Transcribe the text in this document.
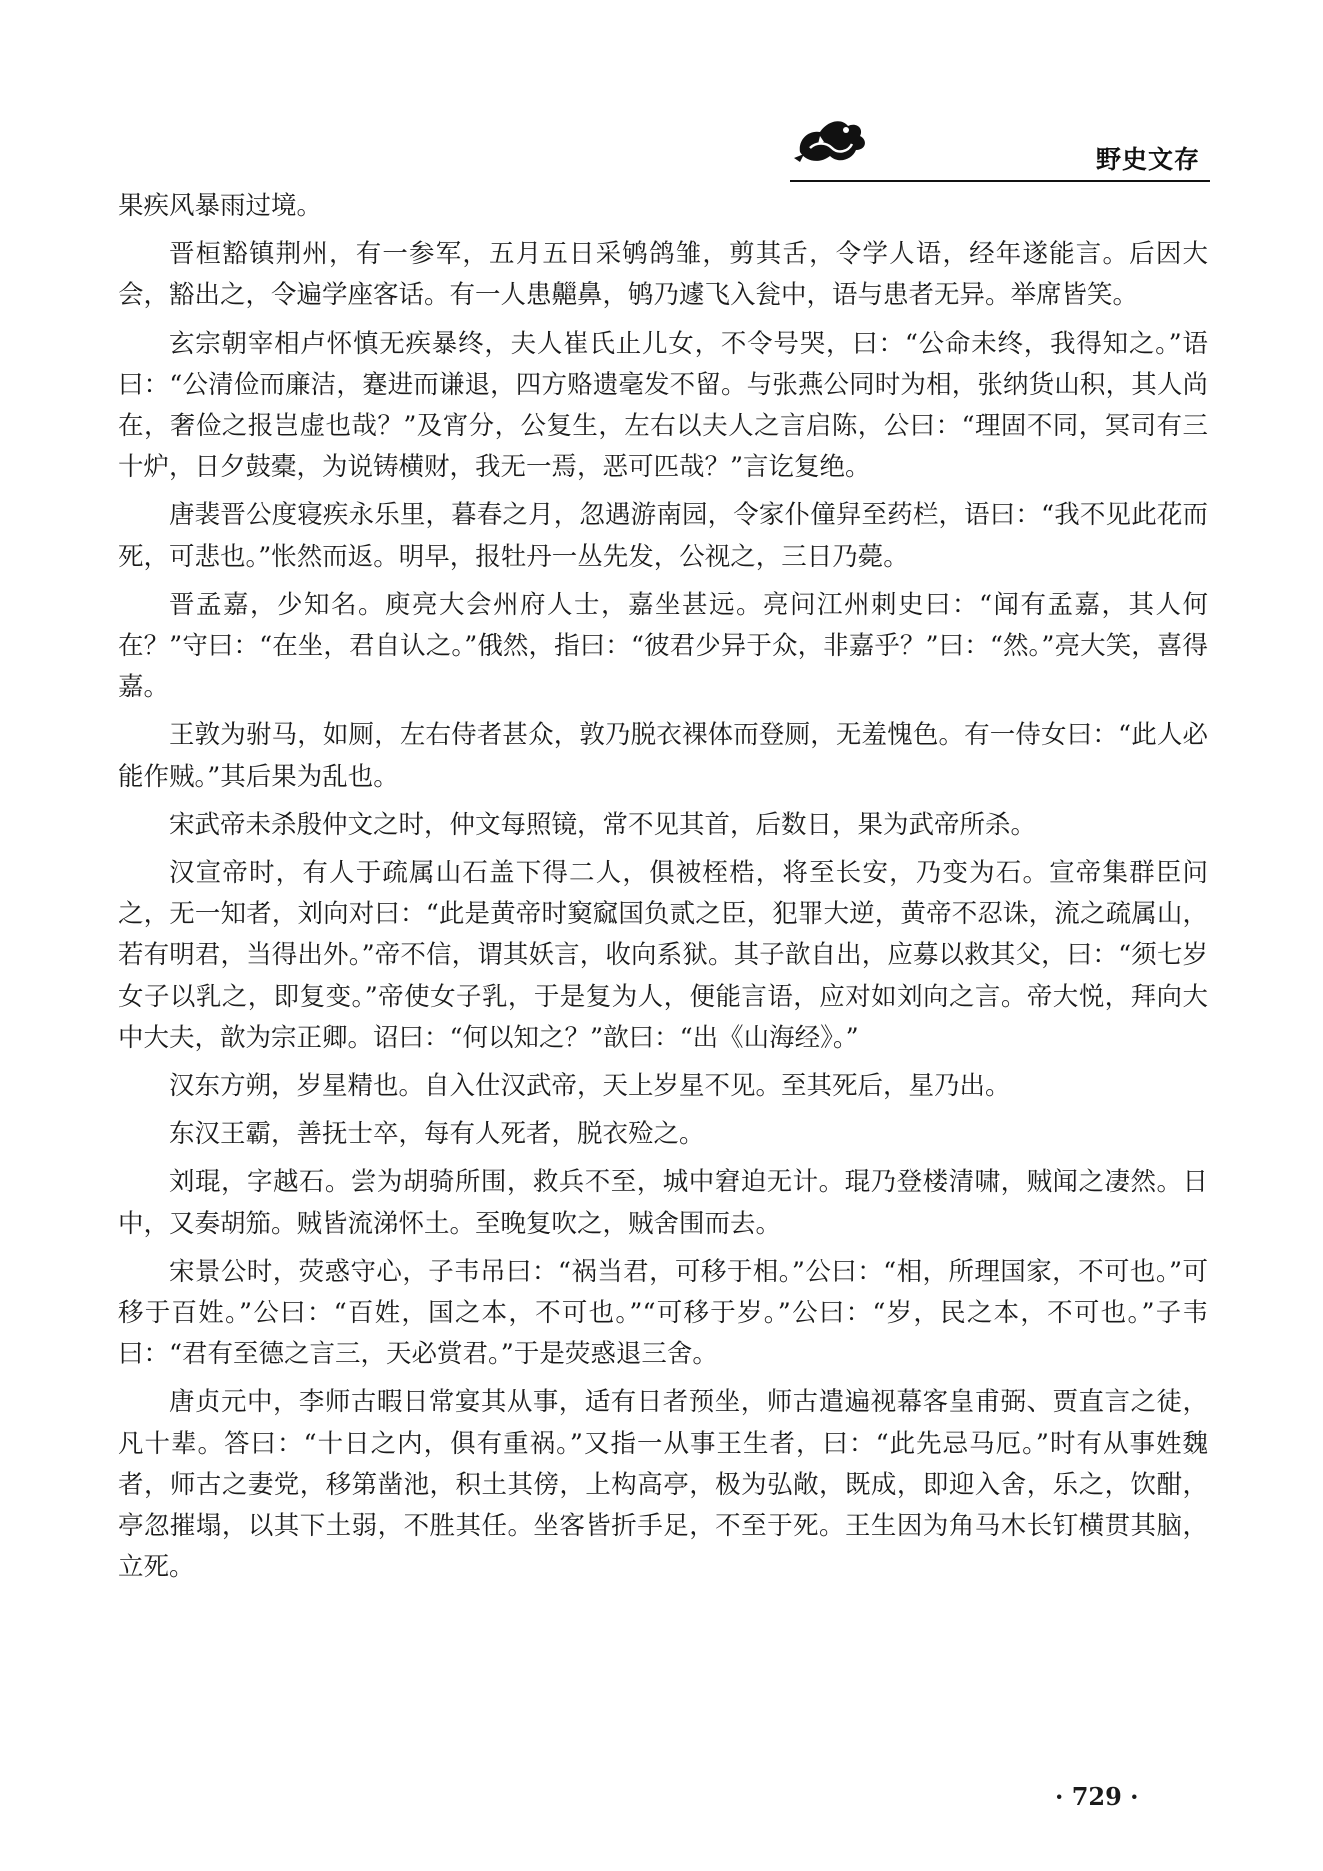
野史文存

果疾风暴雨过境。

晋桓豁镇荆州，有一参军，五月五日采鸲鸽雏，剪其舌，令学人语，经年遂能言。后因大会，豁出之，令遍学座客话。有一人患齆鼻，鸲乃遽飞入瓮中，语与患者无异。举席皆笑。

玄宗朝宰相卢怀慎无疾暴终，夫人崔氏止儿女，不令号哭，曰：“公命未终，我得知之。”语曰：“公清俭而廉洁，蹇进而谦退，四方赂遗毫发不留。与张燕公同时为相，张纳货山积，其人尚在，奢俭之报岂虚也哉？”及宵分，公复生，左右以夫人之言启陈，公曰：“理固不同，冥司有三十炉，日夕鼓橐，为说铸横财，我无一焉，恶可匹哉？”言讫复绝。

唐裴晋公度寝疾永乐里，暮春之月，忽遇游南园，令家仆僮舁至药栏，语曰：“我不见此花而死，可悲也。”怅然而返。明早，报牡丹一丛先发，公视之，三日乃薨。

晋孟嘉，少知名。庾亮大会州府人士，嘉坐甚远。亮问江州刺史曰：“闻有孟嘉，其人何在？”守曰：“在坐，君自认之。”俄然，指曰：“彼君少异于众，非嘉乎？”曰：“然。”亮大笑，喜得嘉。

王敦为驸马，如厕，左右侍者甚众，敦乃脱衣裸体而登厕，无羞愧色。有一侍女曰：“此人必能作贼。”其后果为乱也。

宋武帝未杀殷仲文之时，仲文每照镜，常不见其首，后数日，果为武帝所杀。

汉宣帝时，有人于疏属山石盖下得二人，俱被桎梏，将至长安，乃变为石。宣帝集群臣问之，无一知者，刘向对曰：“此是黄帝时窫窳国负贰之臣，犯罪大逆，黄帝不忍诛，流之疏属山，若有明君，当得出外。”帝不信，谓其妖言，收向系狱。其子歆自出，应募以救其父，曰：“须七岁女子以乳之，即复变。”帝使女子乳，于是复为人，便能言语，应对如刘向之言。帝大悦，拜向大中大夫，歆为宗正卿。诏曰：“何以知之？”歆曰：“出《山海经》。”

汉东方朔，岁星精也。自入仕汉武帝，天上岁星不见。至其死后，星乃出。

东汉王霸，善抚士卒，每有人死者，脱衣殓之。

刘琨，字越石。尝为胡骑所围，救兵不至，城中窘迫无计。琨乃登楼清啸，贼闻之凄然。日中，又奏胡笳。贼皆流涕怀土。至晚复吹之，贼舍围而去。

宋景公时，荧惑守心，子韦吊曰：“祸当君，可移于相。”公曰：“相，所理国家，不可也。”可移于百姓。”公曰：“百姓，国之本，不可也。”“可移于岁。”公曰：“岁，民之本，不可也。”子韦曰：“君有至德之言三，天必赏君。”于是荧惑退三舍。

唐贞元中，李师古暇日常宴其从事，适有日者预坐，师古遣遍视幕客皇甫弼、贾直言之徒，凡十辈。答曰：“十日之内，俱有重祸。”又指一从事王生者，曰：“此先忌马厄。”时有从事姓魏者，师古之妻党，移第凿池，积土其傍，上构高亭，极为弘敞，既成，即迎入舍，乐之，饮酣，亭忽摧塌，以其下土弱，不胜其任。坐客皆折手足，不至于死。王生因为角马木长钉横贯其脑，立死。

· 729 ·
